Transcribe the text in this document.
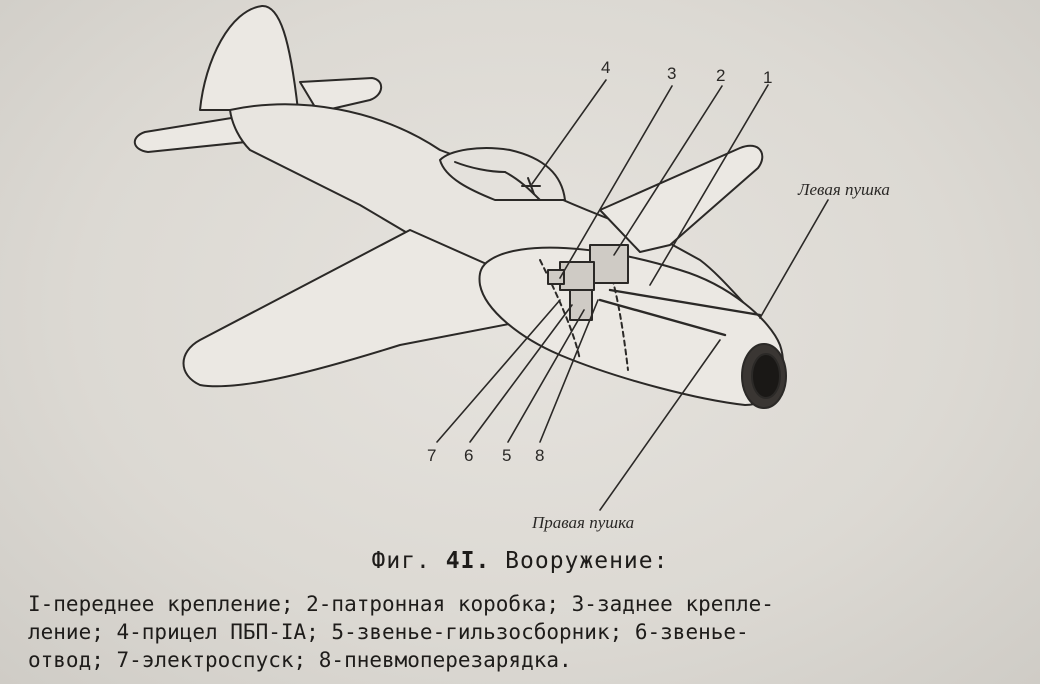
Левая пушка
Правая пушка
1
2
3
4
7 6 5 8
Фиг. 4I. Вооружение:
I-переднее крепление; 2-патронная коробка; 3-заднее крепле-
ление; 4-прицел ПБП-IА; 5-звенье-гильзосборник; 6-звенье-
отвод; 7-электроспуск; 8-пневмоперезарядка.
